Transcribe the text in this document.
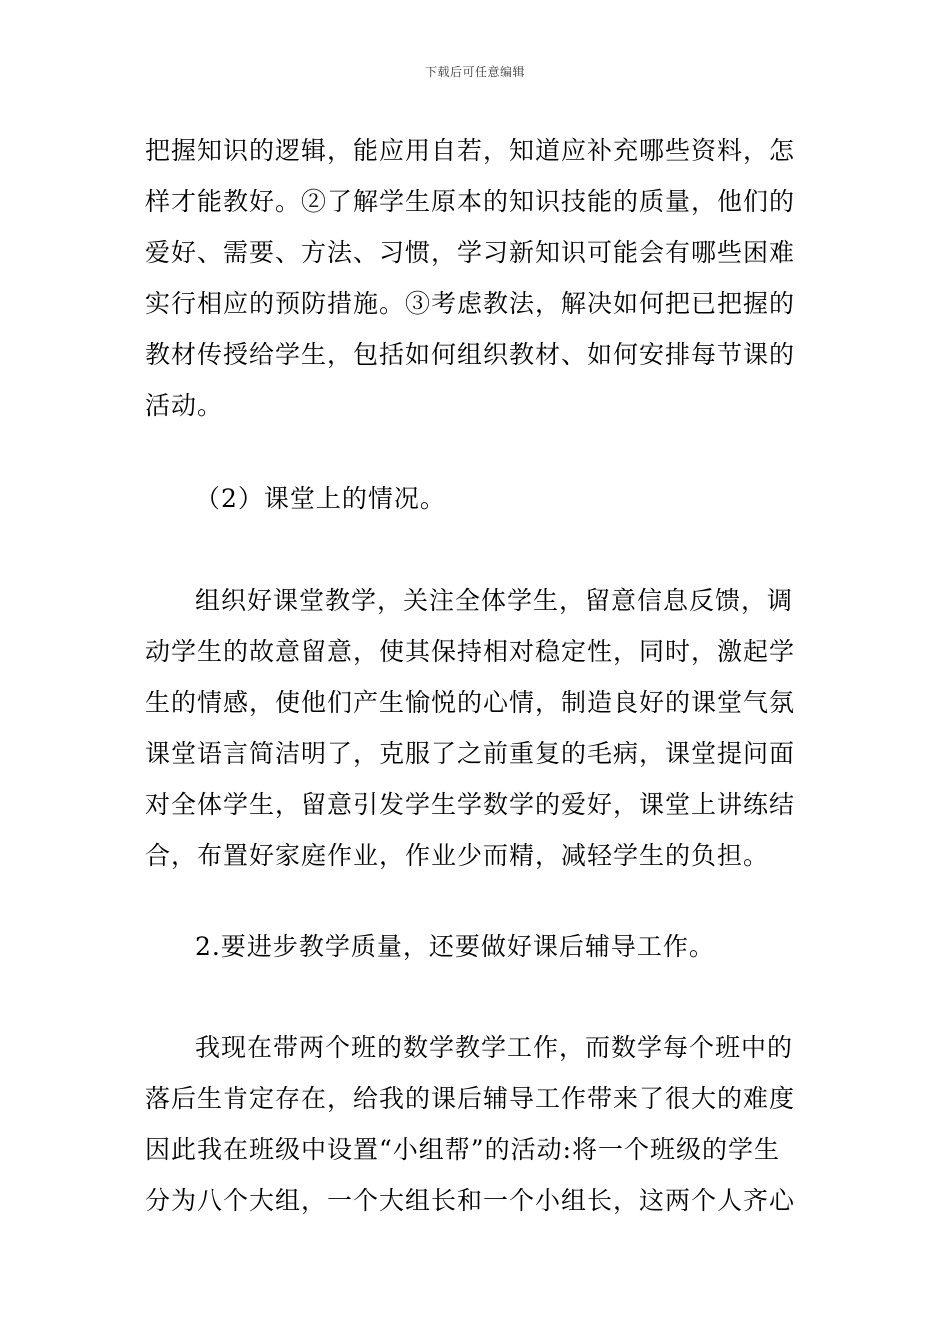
下载后可任意编辑
把握知识的逻辑，能应用自若，知道应补充哪些资料，怎
样才能教好。②了解学生原本的知识技能的质量，他们的
爱好、需要、方法、习惯，学习新知识可能会有哪些困难
实行相应的预防措施。③考虑教法，解决如何把已把握的
教材传授给学生，包括如何组织教材、如何安排每节课的
活动。
（2）课堂上的情况。
组织好课堂教学，关注全体学生，留意信息反馈，调
动学生的故意留意，使其保持相对稳定性，同时，激起学
生的情感，使他们产生愉悦的心情，制造良好的课堂气氛
课堂语言简洁明了，克服了之前重复的毛病，课堂提问面
对全体学生，留意引发学生学数学的爱好，课堂上讲练结
合，布置好家庭作业，作业少而精，减轻学生的负担。
2.要进步教学质量，还要做好课后辅导工作。
我现在带两个班的数学教学工作，而数学每个班中的
落后生肯定存在，给我的课后辅导工作带来了很大的难度
因此我在班级中设置“小组帮”的活动:将一个班级的学生
分为八个大组，一个大组长和一个小组长，这两个人齐心
